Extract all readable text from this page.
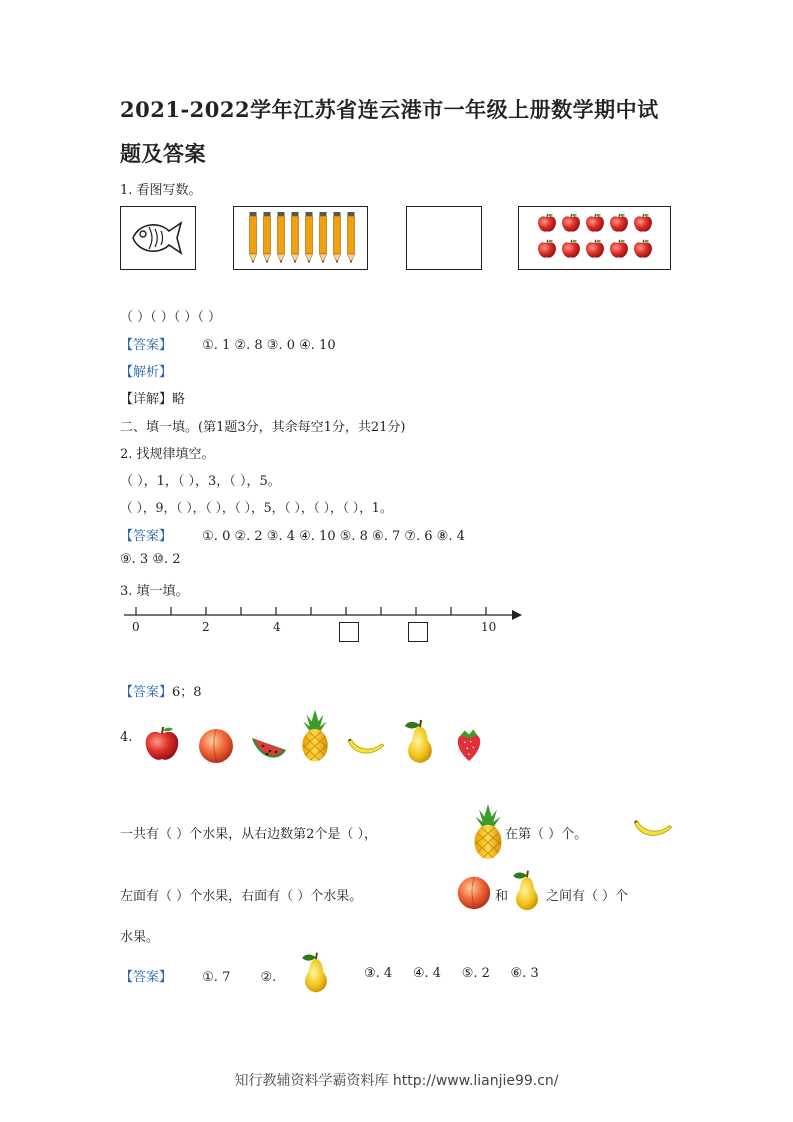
2021-2022学年江苏省连云港市一年级上册数学期中试题及答案
1. 看图写数。
（ ）（ ）（ ）（ ）
【答案】 ①. 1 ②. 8 ③. 0 ④. 10
【解析】
【详解】略
二、填一填。(第1题3分，其余每空1分，共21分)
2. 找规律填空。
（ ），1，（ ），3，（ ），5。
（ ），9，（ ），（ ），（ ），5，（ ），（ ），（ ），1。
【答案】 ①. 0 ②. 2 ③. 4 ④. 10 ⑤. 8 ⑥. 7 ⑦. 6 ⑧. 4
⑨. 3 ⑩. 2
3. 填一填。
0	2	4	10
【答案】6；8
4.
一共有（ ）个水果，从右边数第2个是（ ），	在第（ ）个。
左面有（ ）个水果，右面有（ ）个水果。	和	之间有（ ）个
水果。
【答案】 ①. 7 ②.	③. 4     ④. 4     ⑤. 2     ⑥. 3
知行教辅资料学霸资料库 http://www.lianjie99.cn/
